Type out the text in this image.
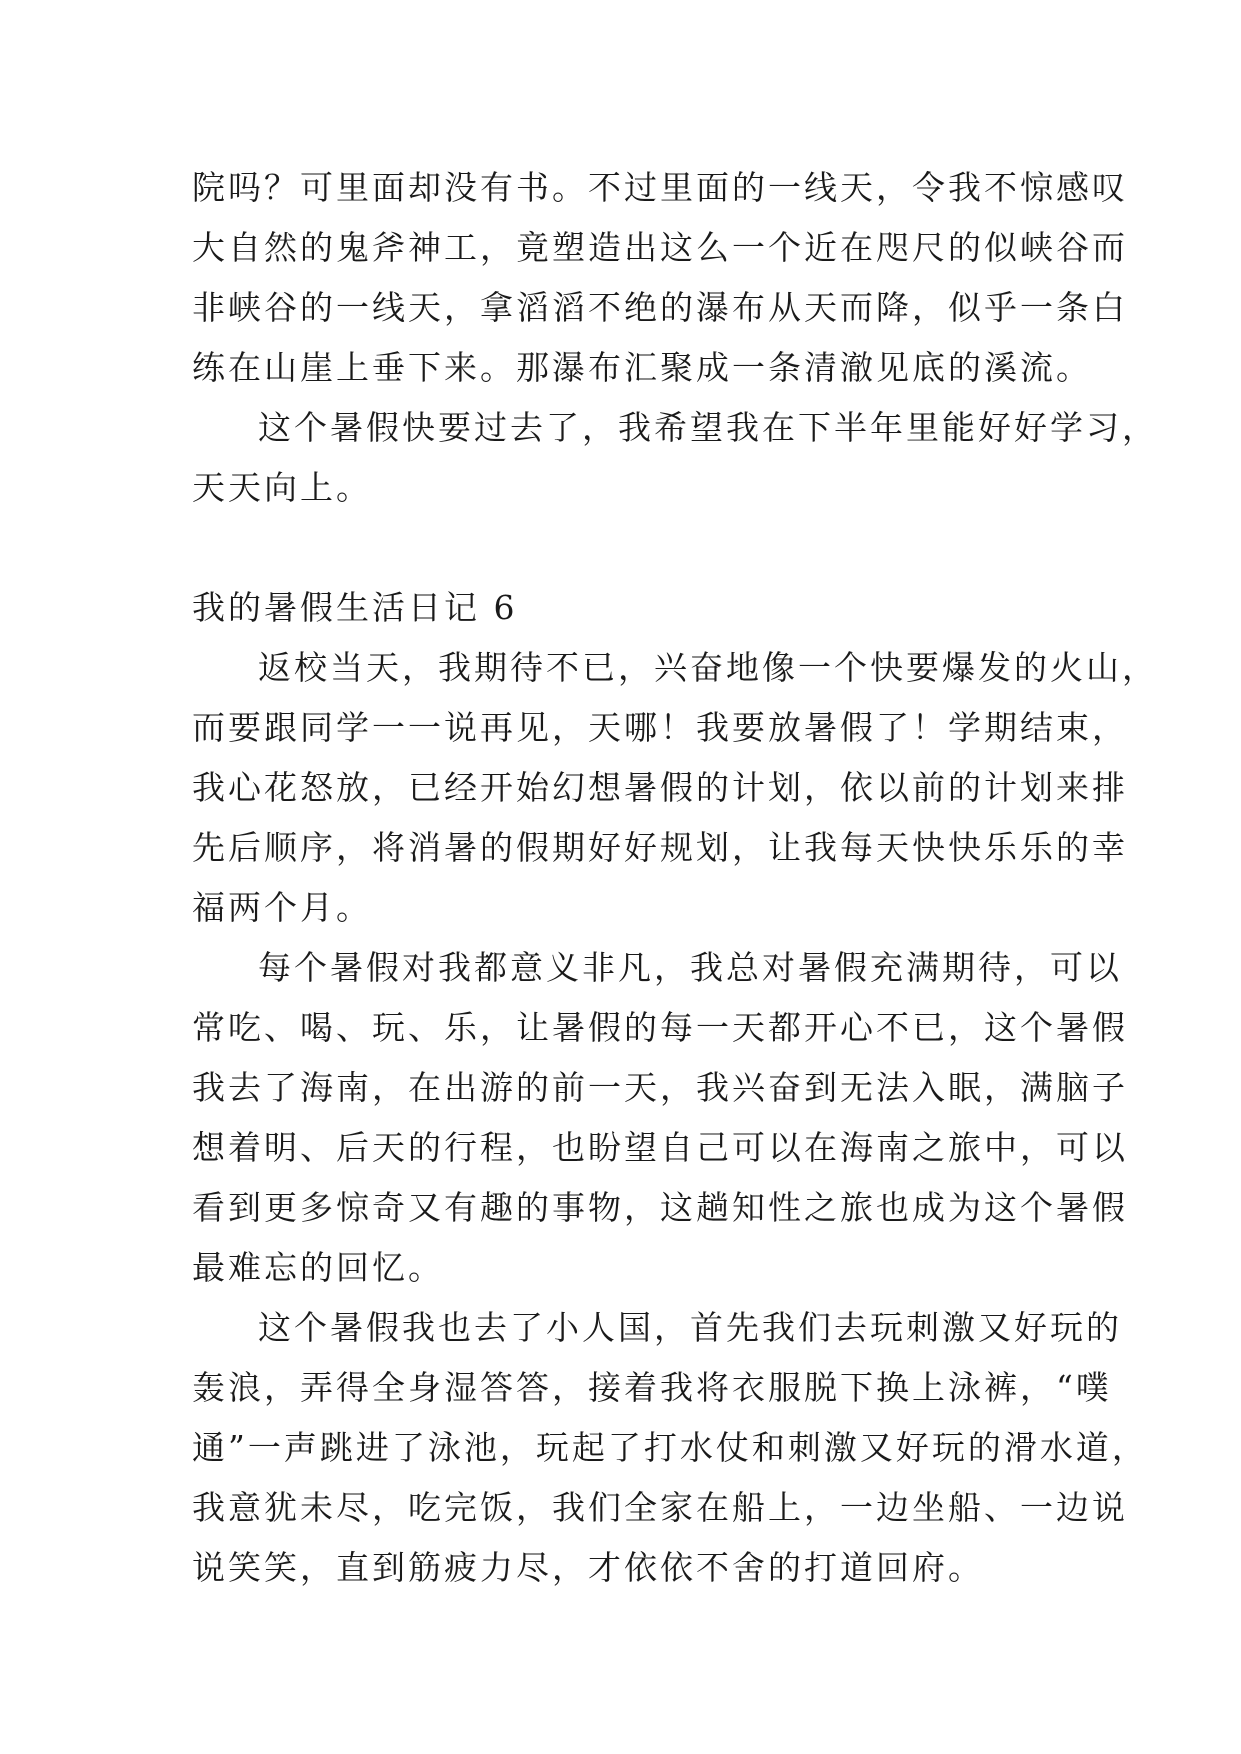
院吗？可里面却没有书。不过里面的一线天，令我不惊感叹
大自然的鬼斧神工，竟塑造出这么一个近在咫尺的似峡谷而
非峡谷的一线天，拿滔滔不绝的瀑布从天而降，似乎一条白
练在山崖上垂下来。那瀑布汇聚成一条清澈见底的溪流。
这个暑假快要过去了，我希望我在下半年里能好好学习，
天天向上。
我的暑假生活日记 6
返校当天，我期待不已，兴奋地像一个快要爆发的火山，
而要跟同学一一说再见，天哪！我要放暑假了！学期结束，
我心花怒放，已经开始幻想暑假的计划，依以前的计划来排
先后顺序，将消暑的假期好好规划，让我每天快快乐乐的幸
福两个月。
每个暑假对我都意义非凡，我总对暑假充满期待，可以
常吃、喝、玩、乐，让暑假的每一天都开心不已，这个暑假
我去了海南，在出游的前一天，我兴奋到无法入眠，满脑子
想着明、后天的行程，也盼望自己可以在海南之旅中，可以
看到更多惊奇又有趣的事物，这趟知性之旅也成为这个暑假
最难忘的回忆。
这个暑假我也去了小人国，首先我们去玩刺激又好玩的
轰浪，弄得全身湿答答，接着我将衣服脱下换上泳裤，“噗
通”一声跳进了泳池，玩起了打水仗和刺激又好玩的滑水道，
我意犹未尽，吃完饭，我们全家在船上，一边坐船、一边说
说笑笑，直到筋疲力尽，才依依不舍的打道回府。
